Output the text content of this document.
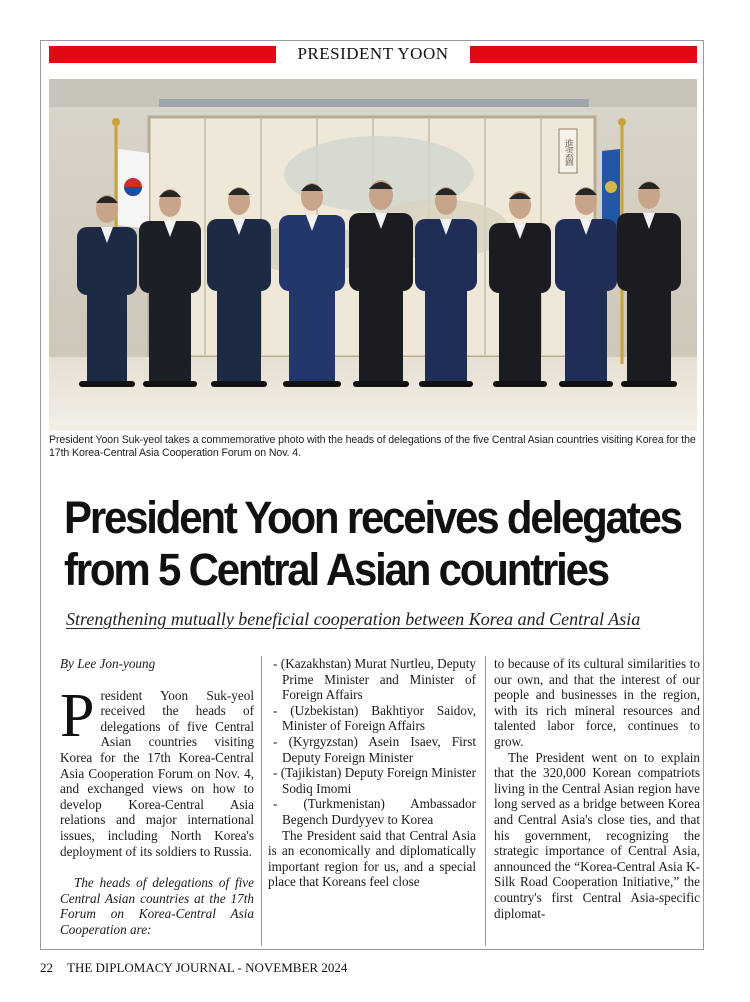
PRESIDENT YOON
進雲圖
President Yoon Suk-yeol takes a commemorative photo with the heads of delegations of the five Central Asian countries visiting Korea for the 17th Korea-Central Asia Cooperation Forum on Nov. 4.
President Yoon receives delegates from 5 Central Asian countries
Strengthening mutually beneficial cooperation between Korea and Central Asia

By Lee Jon-young

President Yoon Suk-yeol received the heads of delegations of five Central Asian countries visiting Korea for the 17th Korea-Central Asia Cooperation Forum on Nov. 4, and exchanged views on how to develop Korea-Central Asia relations and major international issues, including North Korea's deployment of its soldiers to Russia.

The heads of delegations of five Central Asian countries at the 17th Forum on Korea-Central Asia Cooperation are:

- (Kazakhstan) Murat Nurtleu, Deputy Prime Minister and Minister of Foreign Affairs

- (Uzbekistan) Bakhtiyor Saidov, Minister of Foreign Affairs

- (Kyrgyzstan) Asein Isaev, First Deputy Foreign Minister

- (Tajikistan) Deputy Foreign Minister Sodiq Imomi

- (Turkmenistan) Ambassador Begench Durdyyev to Korea

The President said that Central Asia is an economically and diplomatically important region for us, and a special place that Koreans feel close

to because of its cultural similarities to our own, and that the interest of our people and businesses in the region, with its rich mineral resources and talented labor force, continues to grow.

The President went on to explain that the 320,000 Korean compatriots living in the Central Asian region have long served as a bridge between Korea and Central Asia's close ties, and that his government, recognizing the strategic importance of Central Asia, announced the “Korea-Central Asia K-Silk Road Cooperation Initiative,” the country's first Central Asia-specific diplomat-

22 THE DIPLOMACY JOURNAL - NOVEMBER 2024
